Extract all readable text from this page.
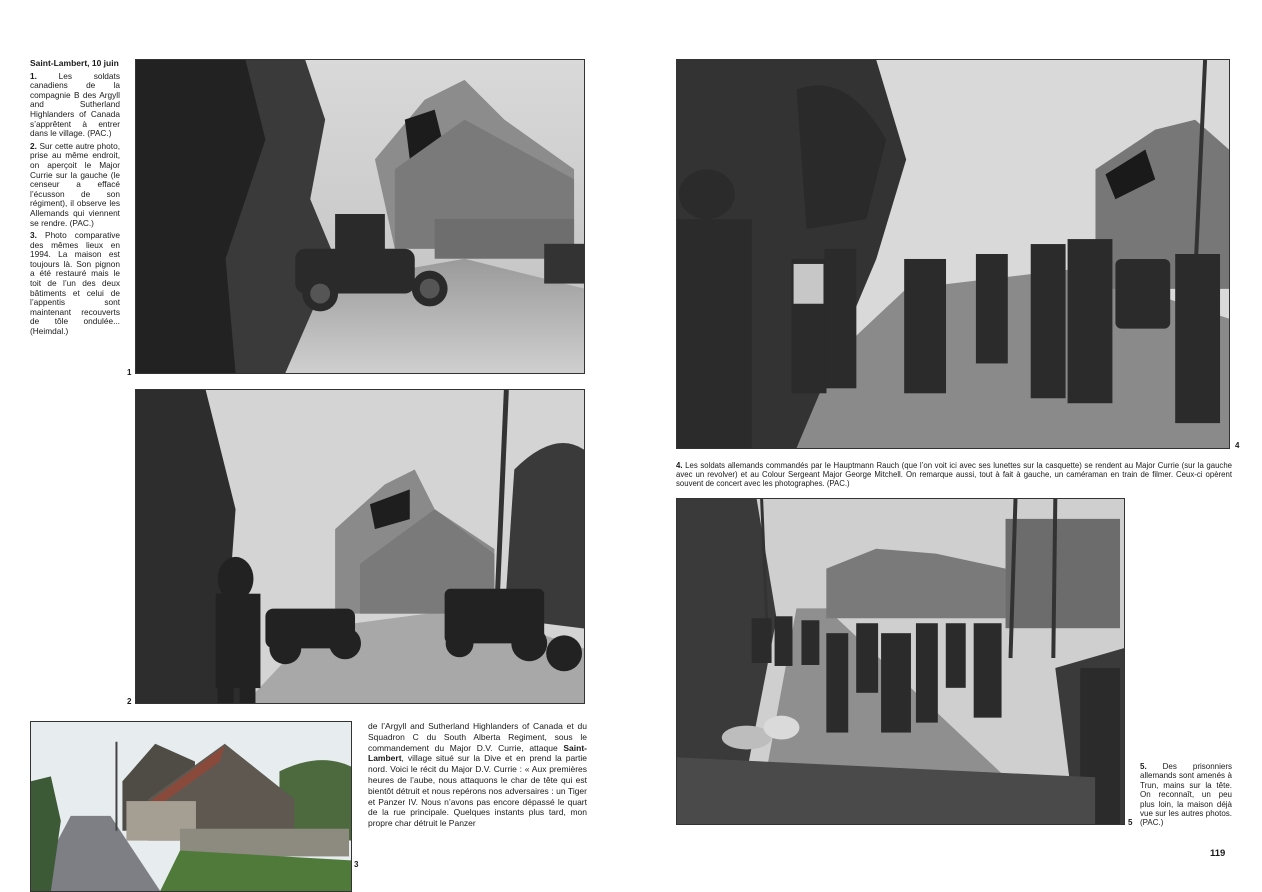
Saint-Lambert, 10 juin

1.	Les soldats canadiens de la compagnie B des Argyll and Sutherland Highlanders of Canada s’apprêtent à entrer dans le village. (PAC.)

2. Sur cette autre photo, prise au même endroit, on aperçoit le Major Currie sur la gauche (le censeur a effacé l’écusson de son régiment), il observe les Allemands qui viennent se rendre. (PAC.)

3. Photo comparative des mêmes lieux en 1994. La maison est toujours là. Son pignon a été restauré mais le toit de l’un des deux bâtiments et celui de l’appentis sont maintenant recouverts de tôle ondulée... (Heimdal.)

1
2
3
de l’Argyll and Sutherland Highlanders of Canada et du Squadron C du South Alberta Regiment, sous le commandement du Major D.V. Currie, attaque Saint-Lambert, village situé sur la Dive et en prend la partie nord. Voici le récit du Major D.V. Currie : « Aux premières heures de l’aube, nous attaquons le char de tête qui est bientôt détruit et nous repérons nos adversaires : un Tiger et Panzer IV. Nous n’avons pas encore dépassé le quart de la rue principale. Quelques instants plus tard, mon propre char détruit le Panzer
4
4. Les soldats allemands commandés par le Hauptmann Rauch (que l’on voit ici avec ses lunettes sur la casquette) se rendent au Major Currie (sur la gauche avec un revolver) et au Colour Sergeant Major George Mitchell. On remarque aussi, tout à fait à gauche, un caméraman en train de filmer. Ceux-ci opèrent souvent de concert avec les photographes. (PAC.)
5
5. Des prisonniers allemands sont amenés à Trun, mains sur la tête. On reconnaît, un peu plus loin, la maison déjà vue sur les autres photos. (PAC.)
119
